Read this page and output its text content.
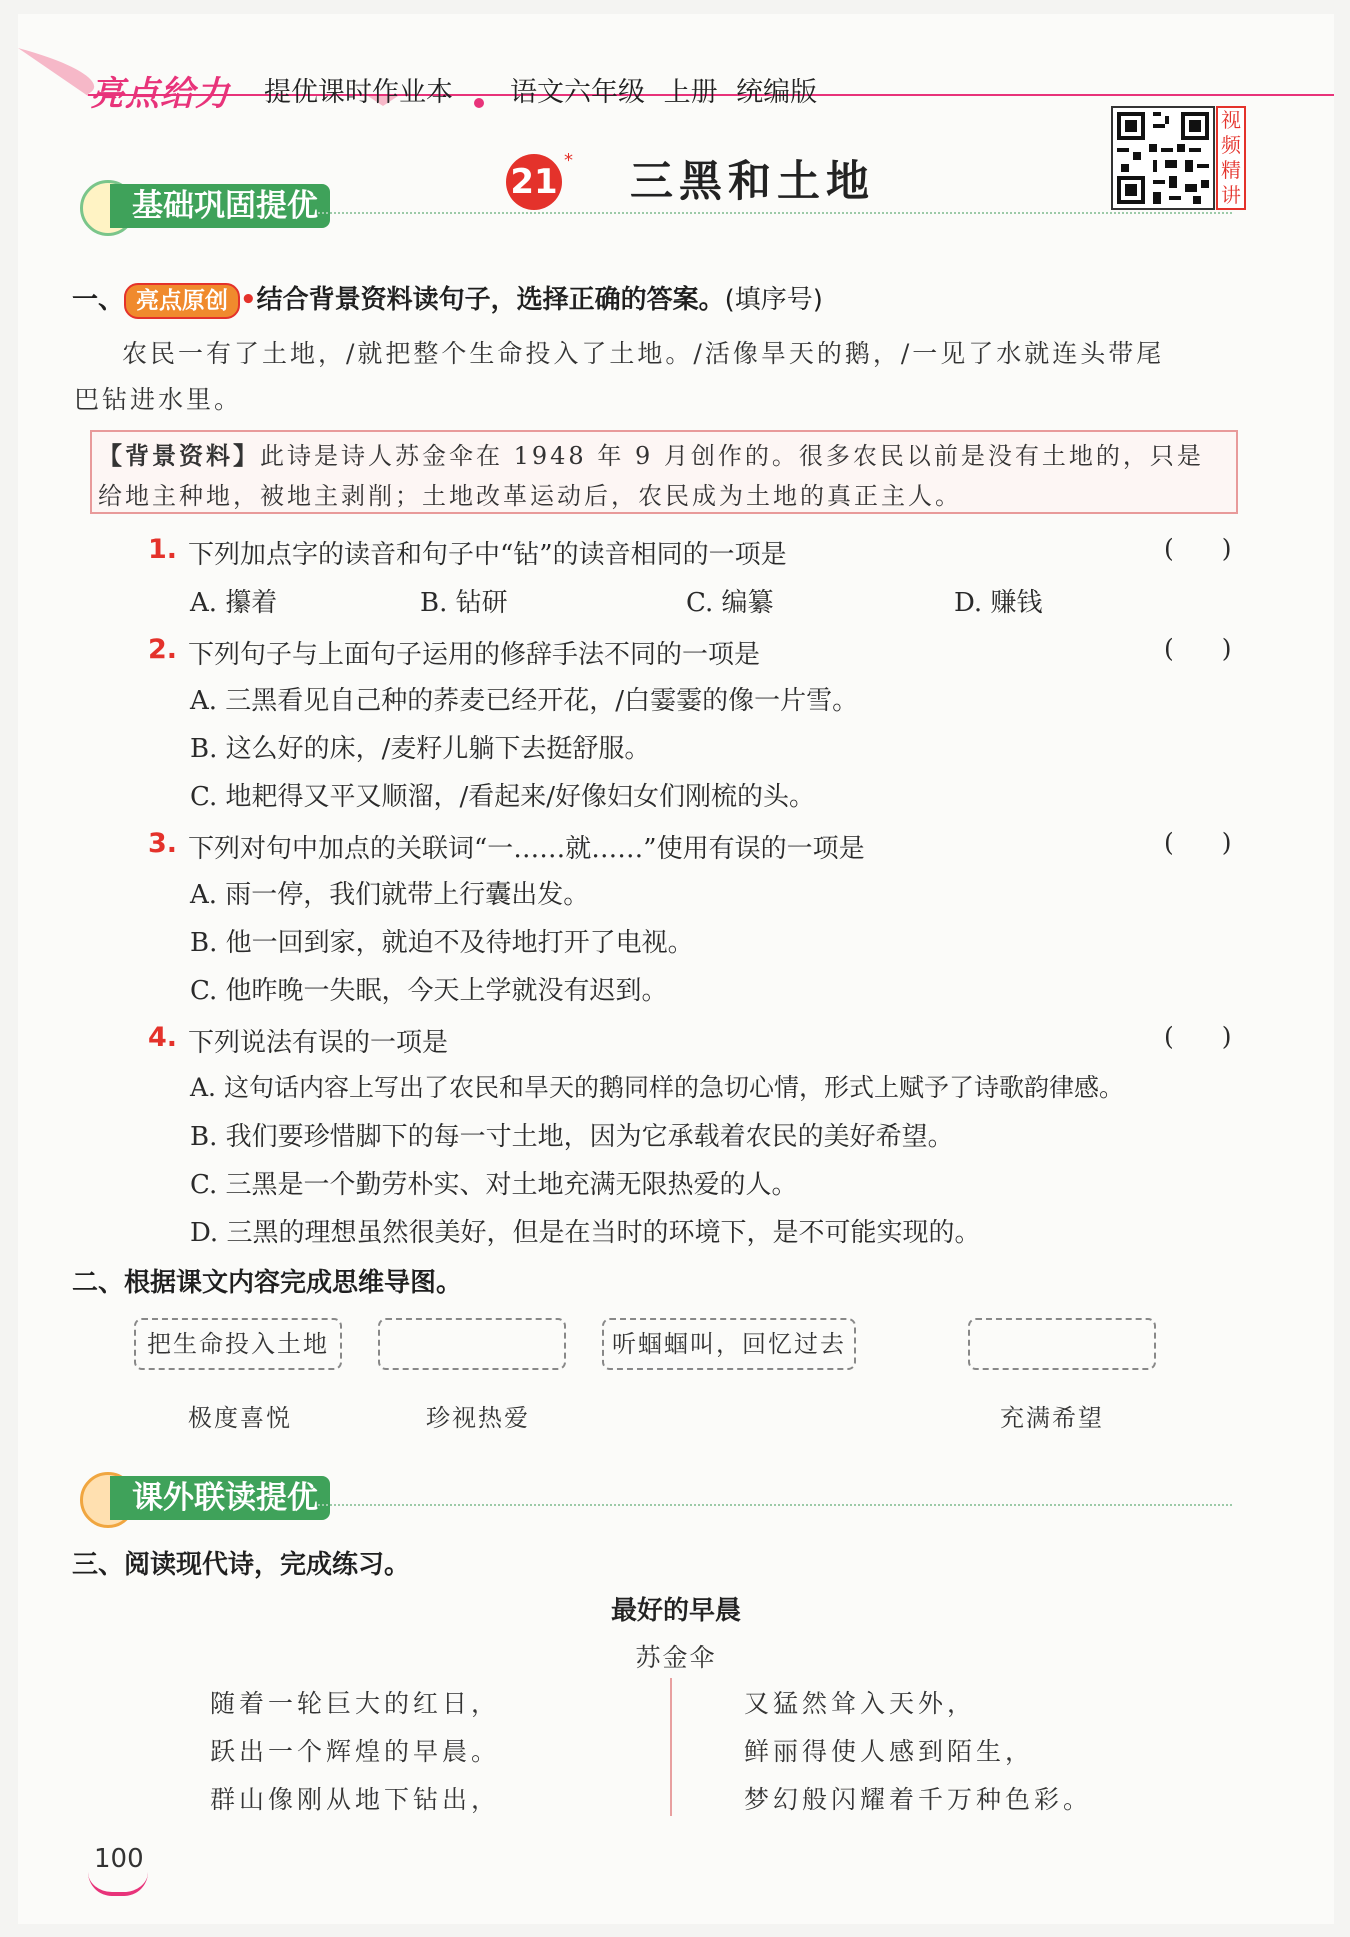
亮点给力 提优课时作业本 语文六年级 上册 统编版
21
* 三黑和土地
视频精讲
基础巩固提优
一、 亮点原创 •结合背景资料读句子，选择正确的答案。(填序号)
农民一有了土地，/就把整个生命投入了土地。/活像旱天的鹅，/一见了水就连头带尾
巴钻进水里。
【背景资料】此诗是诗人苏金伞在 1948 年 9 月创作的。很多农民以前是没有土地的，只是
给地主种地，被地主剥削；土地改革运动后，农民成为土地的真正主人。
1. 下列加点字的读音和句子中“钻”的读音相同的一项是	( )
A. 攥着	B. 钻研	C. 编纂	D. 赚钱
2. 下列句子与上面句子运用的修辞手法不同的一项是	( )
A. 三黑看见自己种的荞麦已经开花，/白霎霎的像一片雪。
B. 这么好的床，/麦籽儿躺下去挺舒服。
C. 地耙得又平又顺溜，/看起来/好像妇女们刚梳的头。
3. 下列对句中加点的关联词“一……就……”使用有误的一项是	( )
A. 雨一停，我们就带上行囊出发。
B. 他一回到家，就迫不及待地打开了电视。
C. 他昨晚一失眠，今天上学就没有迟到。
4. 下列说法有误的一项是	( )
A. 这句话内容上写出了农民和旱天的鹅同样的急切心情，形式上赋予了诗歌韵律感。
B. 我们要珍惜脚下的每一寸土地，因为它承载着农民的美好希望。
C. 三黑是一个勤劳朴实、对土地充满无限热爱的人。
D. 三黑的理想虽然很美好，但是在当时的环境下，是不可能实现的。
二、根据课文内容完成思维导图。
把生命投入土地	听蝈蝈叫，回忆过去
极度喜悦	珍视热爱	充满希望
课外联读提优
三、阅读现代诗，完成练习。
最好的早晨
苏金伞
随着一轮巨大的红日，
跃出一个辉煌的早晨。
群山像刚从地下钻出，
又猛然耸入天外，
鲜丽得使人感到陌生，
梦幻般闪耀着千万种色彩。
100
